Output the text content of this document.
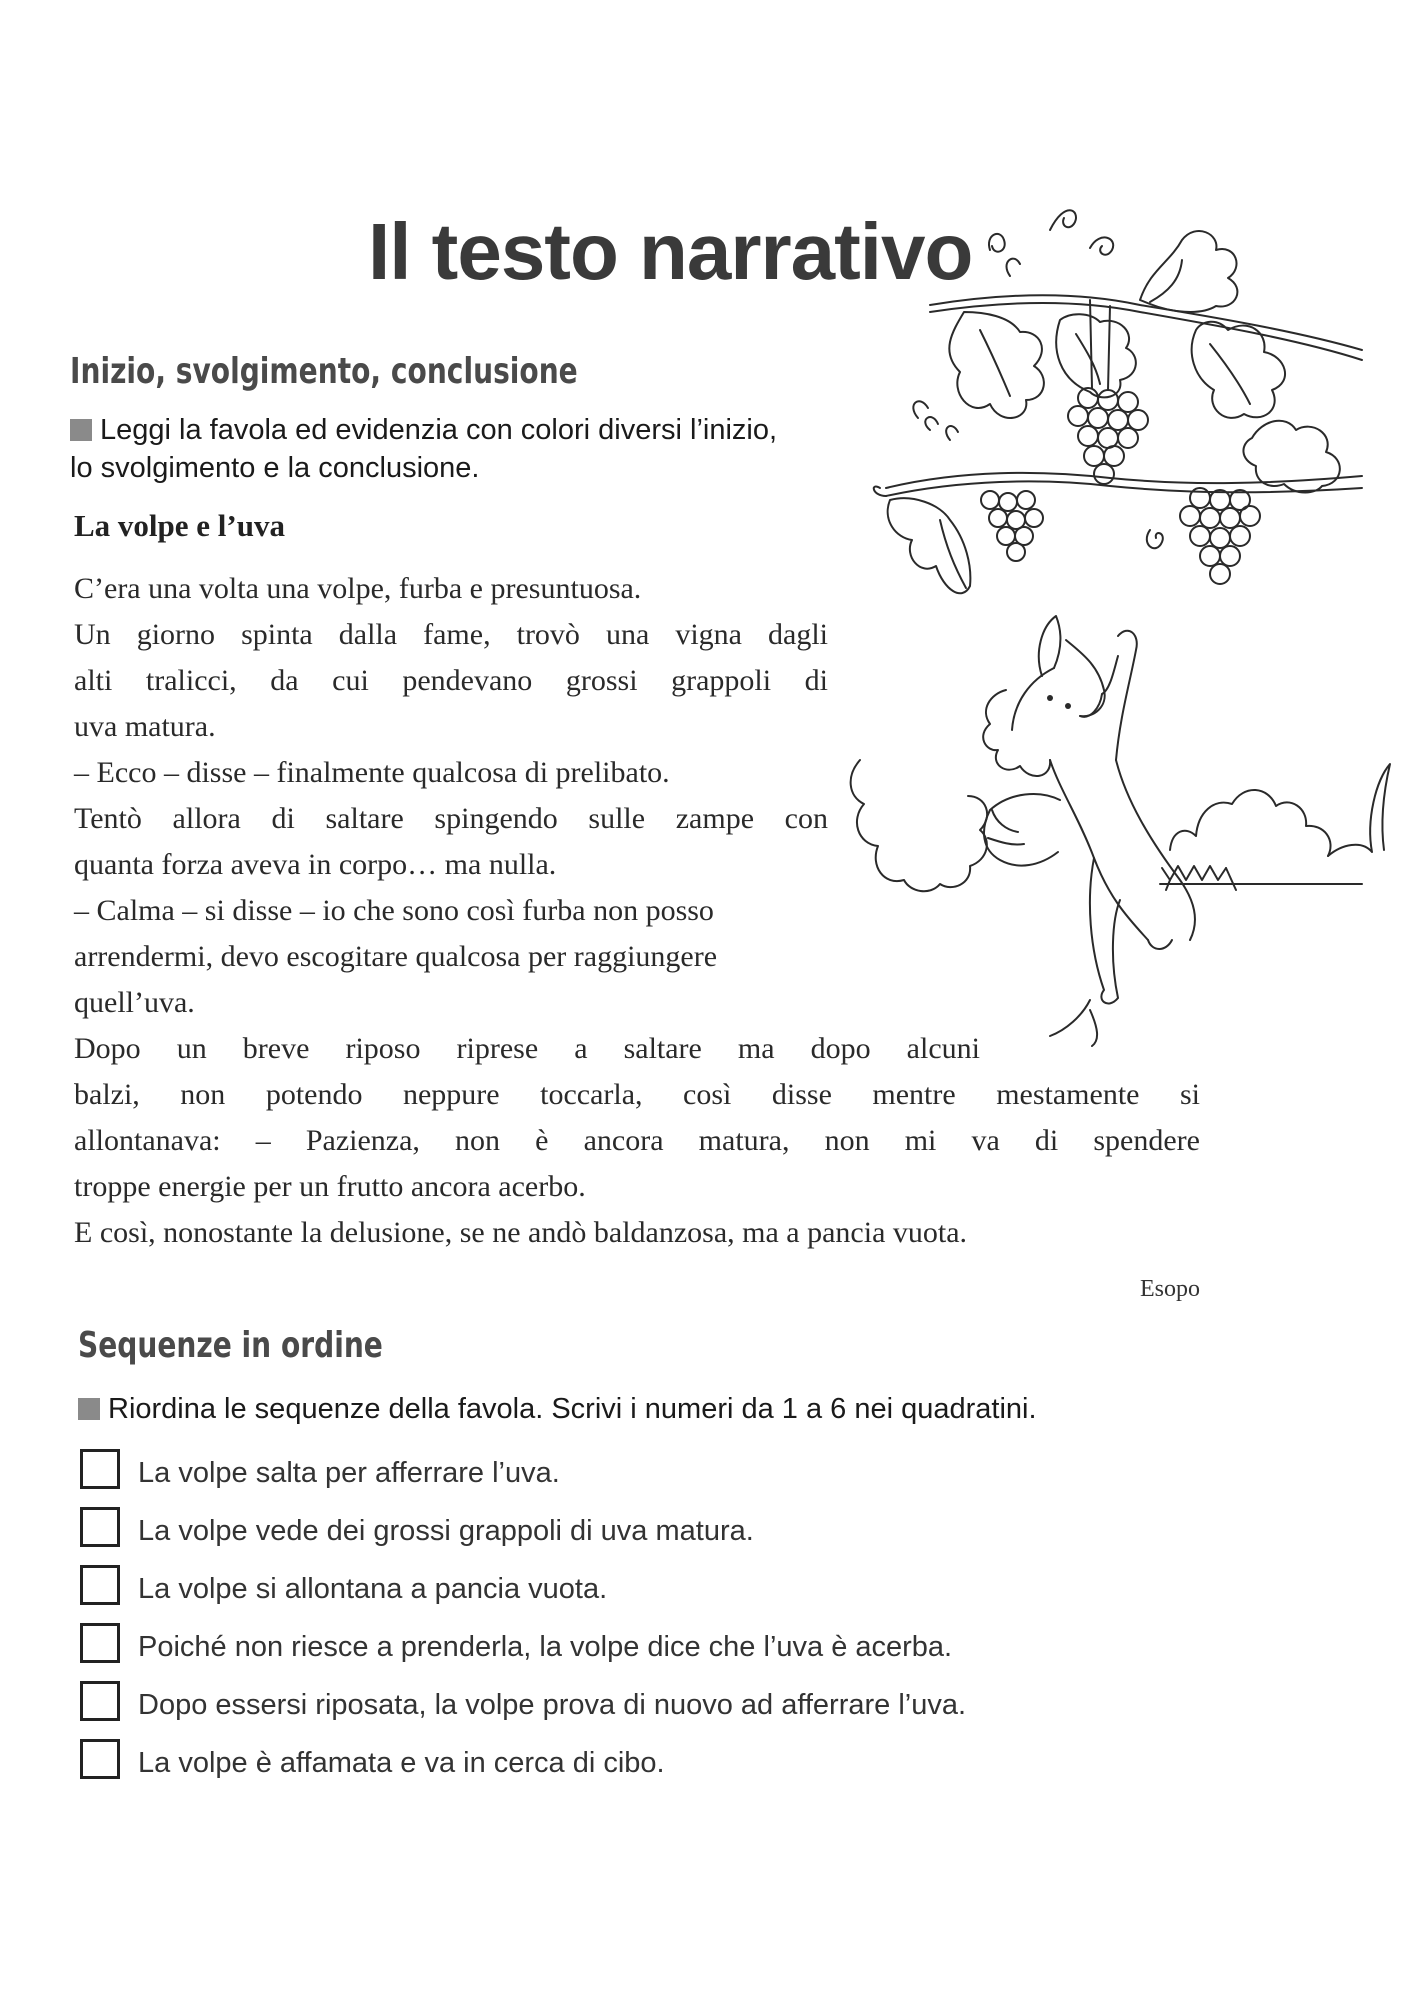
Il testo narrativo
Inizio, svolgimento, conclusione
Leggi la favola ed evidenzia con colori diversi l’inizio,
lo svolgimento e la conclusione.
La volpe e l’uva

C’era una volta una volpe, furba e presuntuosa.

Un giorno spinta dalla fame, trovò una vigna dagli

alti tralicci, da cui pendevano grossi grappoli di

uva matura.

– Ecco – disse – finalmente qualcosa di prelibato.

Tentò allora di saltare spingendo sulle zampe con

quanta forza aveva in corpo… ma nulla.

– Calma – si disse – io che sono così furba non posso

arrendermi, devo escogitare qualcosa per raggiungere

quell’uva.

Dopo un breve riposo riprese a saltare ma dopo alcuni

balzi, non potendo neppure toccarla, così disse mentre mestamente si

allontanava: – Pazienza, non è ancora matura, non mi va di spendere

troppe energie per un frutto ancora acerbo.

E così, nonostante la delusione, se ne andò baldanzosa, ma a pancia vuota.

Esopo
Sequenze in ordine
Riordina le sequenze della favola. Scrivi i numeri da 1 a 6 nei quadratini.
La volpe salta per afferrare l’uva.
La volpe vede dei grossi grappoli di uva matura.
La volpe si allontana a pancia vuota.
Poiché non riesce a prenderla, la volpe dice che l’uva è acerba.
Dopo essersi riposata, la volpe prova di nuovo ad afferrare l’uva.
La volpe è affamata e va in cerca di cibo.
